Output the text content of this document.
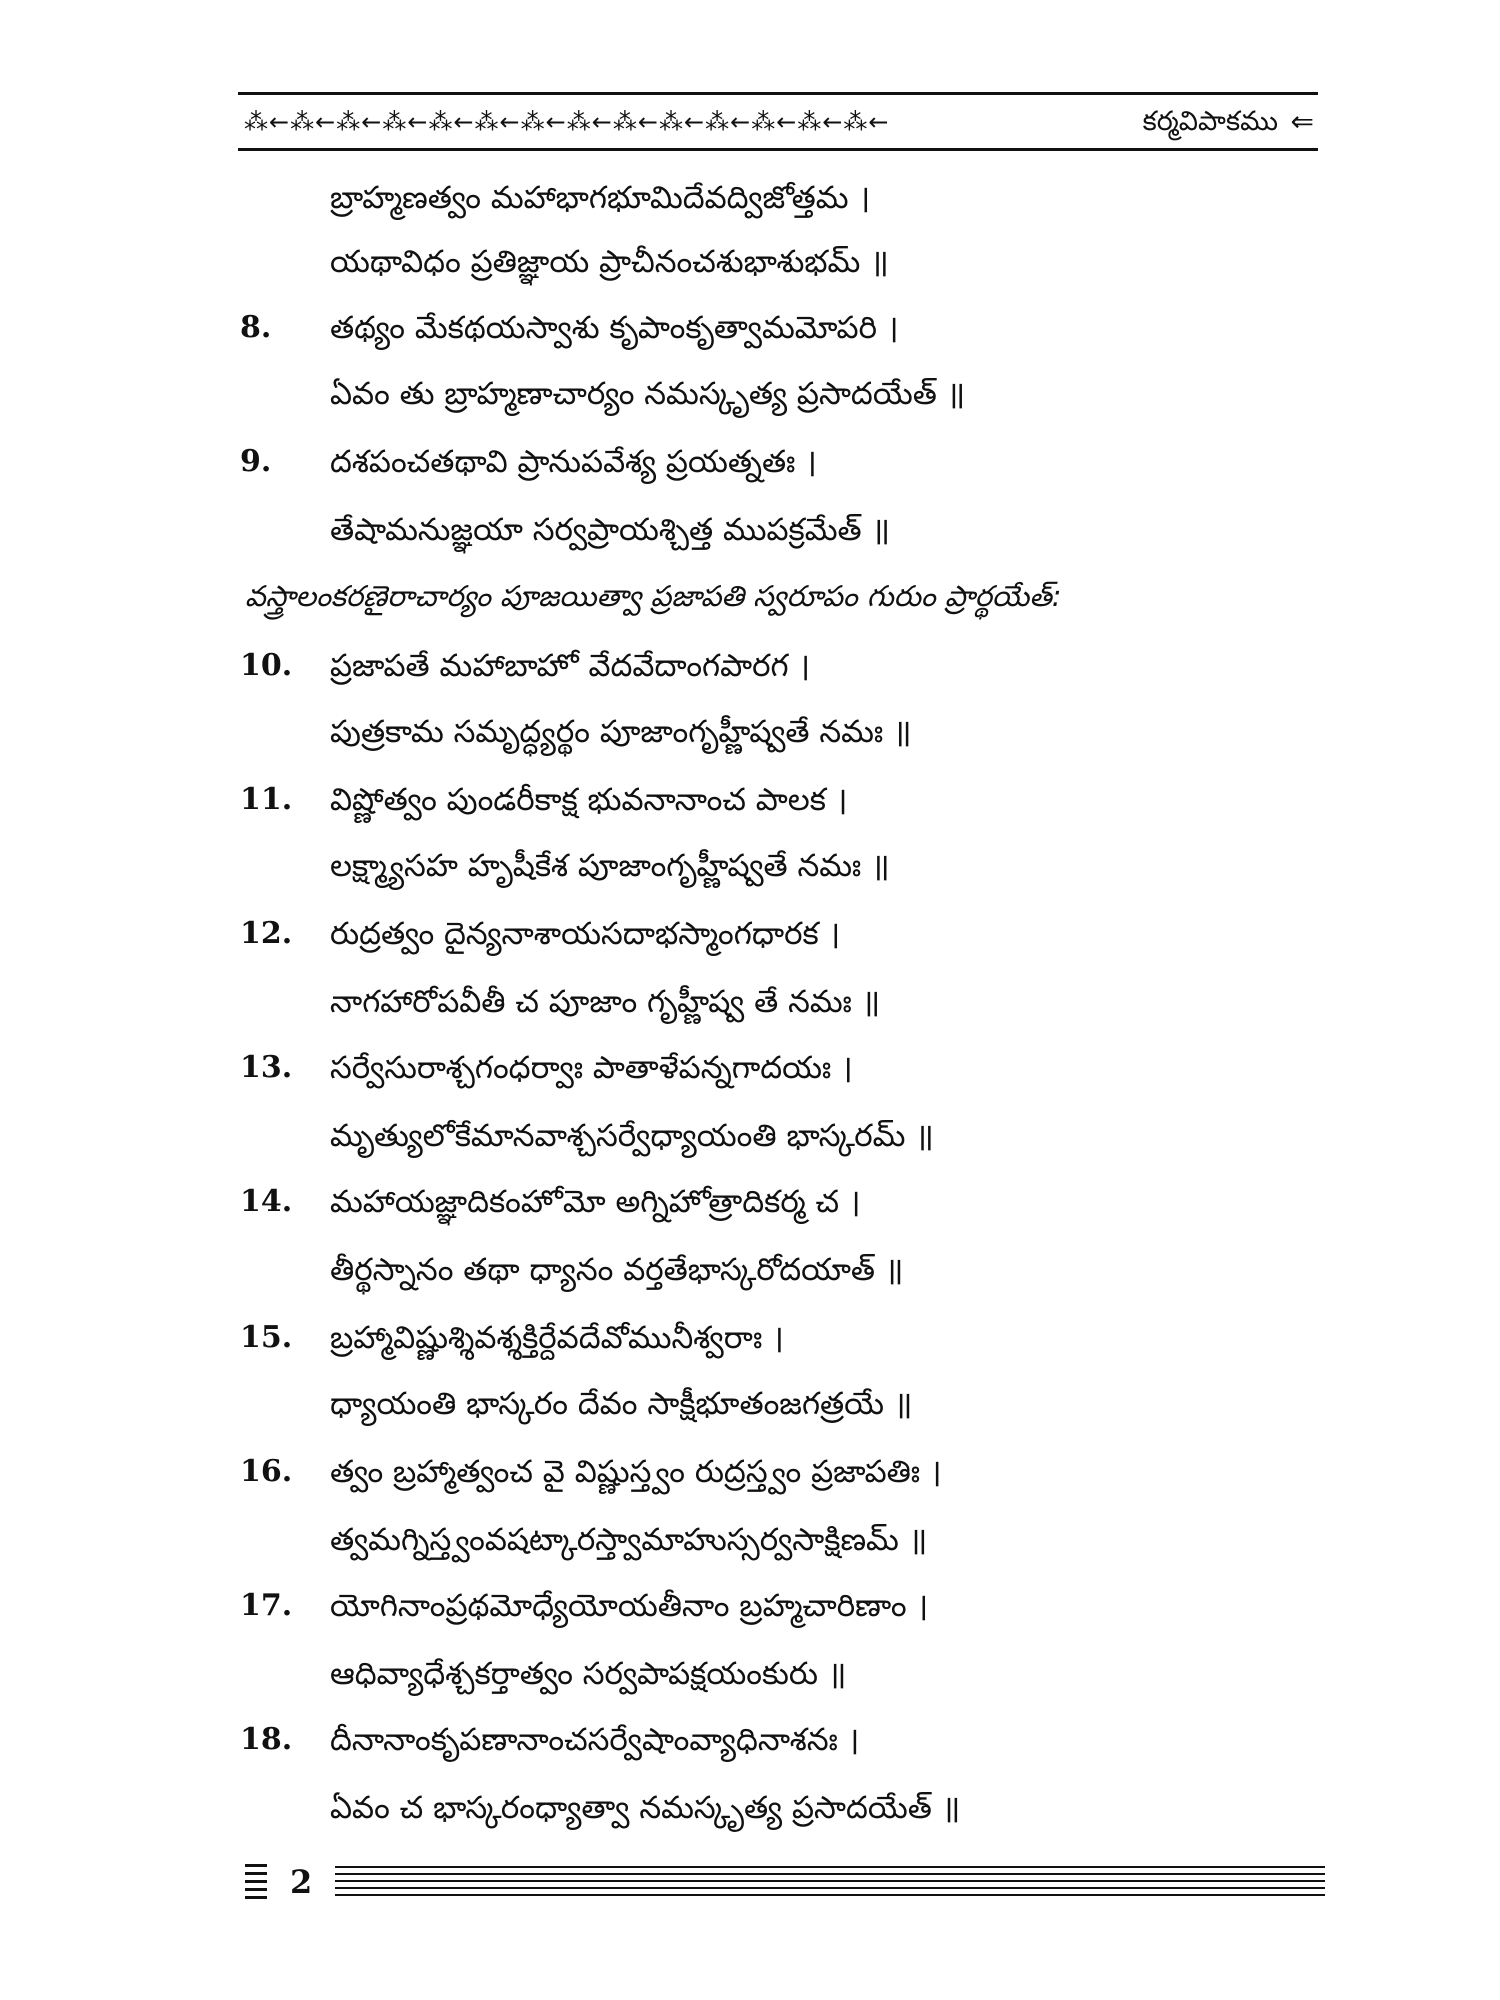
⁂←⁂←⁂←⁂←⁂←⁂←⁂←⁂←⁂←⁂←⁂←⁂←⁂←⁂←	కర్మవిపాకము ⇐
బ్రాహ్మణత్వం మహాభాగభూమిదేవద్విజోత్తమ ।
యథావిధం ప్రతిజ్ఞాయ ప్రాచీనంచశుభాశుభమ్ ॥
8.	తథ్యం మేకథయస్వాశు కృపాంకృత్వామమోపరి ।
ఏవం తు బ్రాహ్మణాచార్యం నమస్కృత్య ప్రసాదయేత్ ॥
9.	దశపంచతథావి ప్రానుపవేశ్య ప్రయత్నతః ।
తేషామనుజ్ఞయా సర్వప్రాయశ్చిత్త ముపక్రమేత్ ॥
వస్త్రాలంకరణైరాచార్యం పూజయిత్వా ప్రజాపతి స్వరూపం గురుం ప్రార్థయేత్:
10.	ప్రజాపతే మహాబాహో వేదవేదాంగపారగ ।
పుత్రకామ సమృద్ధ్యర్థం పూజాంగృహ్ణీష్వతే నమః ॥
11.	విష్ణోత్వం పుండరీకాక్ష భువనానాంచ పాలక ।
లక్ష్మ్యాసహ హృషీకేశ పూజాంగృహ్ణీష్వతే నమః ॥
12.	రుద్రత్వం దైన్యనాశాయసదాభస్మాంగధారక ।
నాగహారోపవీతీ చ పూజాం గృహ్ణీష్వ తే నమః ॥
13.	సర్వేసురాశ్చగంధర్వాః పాతాళేపన్నగాదయః ।
మృత్యులోకేమానవాశ్చసర్వేధ్యాయంతి భాస్కరమ్ ॥
14.	మహాయజ్ఞాదికంహోమో అగ్నిహోత్రాదికర్మ చ ।
తీర్థస్నానం తథా ధ్యానం వర్తతేభాస్కరోదయాత్ ॥
15.	బ్రహ్మావిష్ణుశ్శివశ్శక్తిర్దేవదేవోమునీశ్వరాః ।
ధ్యాయంతి భాస్కరం దేవం సాక్షీభూతంజగత్రయే ॥
16.	త్వం బ్రహ్మాత్వంచ వై విష్ణుస్త్వం రుద్రస్త్వం ప్రజాపతిః ।
త్వమగ్నిస్త్వంవషట్కారస్త్వామాహుస్సర్వసాక్షిణమ్ ॥
17.	యోగినాంప్రథమోధ్యేయోయతీనాం బ్రహ్మచారిణాం ।
ఆధివ్యాధేశ్చకర్తాత్వం సర్వపాపక్షయంకురు ॥
18.	దీనానాంకృపణానాంచసర్వేషాంవ్యాధినాశనః ।
ఏవం చ భాస్కరంధ్యాత్వా నమస్కృత్య ప్రసాదయేత్ ॥
2
